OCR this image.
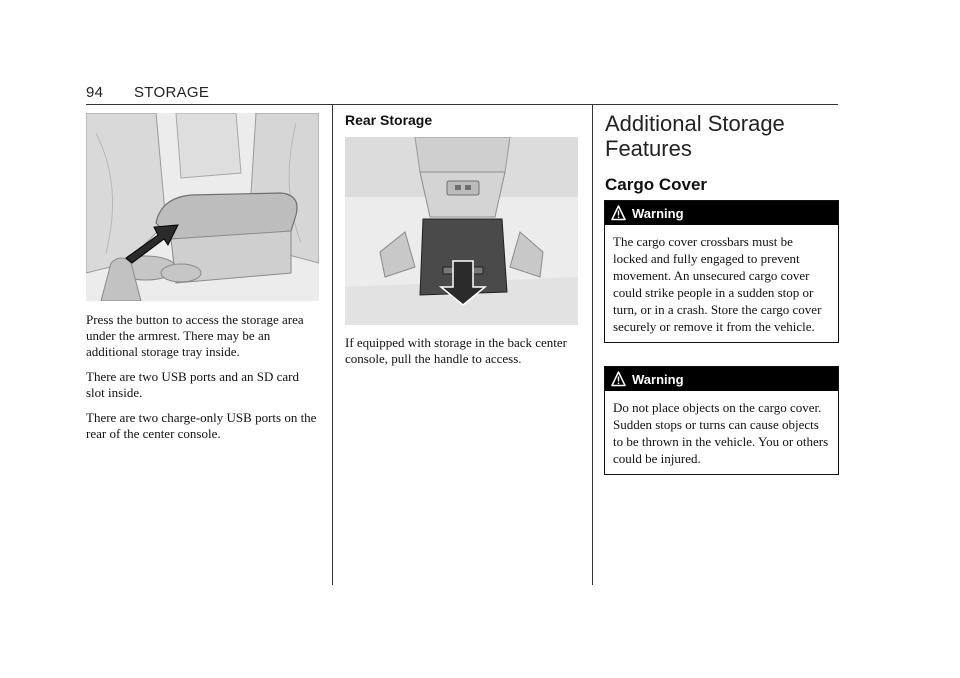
94 STORAGE

Press the button to access the storage area under the armrest. There may be an additional storage tray inside.

There are two USB ports and an SD card slot inside.

There are two charge-only USB ports on the rear of the center console.

Rear Storage

If equipped with storage in the back center console, pull the handle to access.

Additional Storage Features
Cargo Cover
Warning
The cargo cover crossbars must be locked and fully engaged to prevent movement. An unsecured cargo cover could strike people in a sudden stop or turn, or in a crash. Store the cargo cover securely or remove it from the vehicle.
Warning
Do not place objects on the cargo cover. Sudden stops or turns can cause objects to be thrown in the vehicle. You or others could be injured.
